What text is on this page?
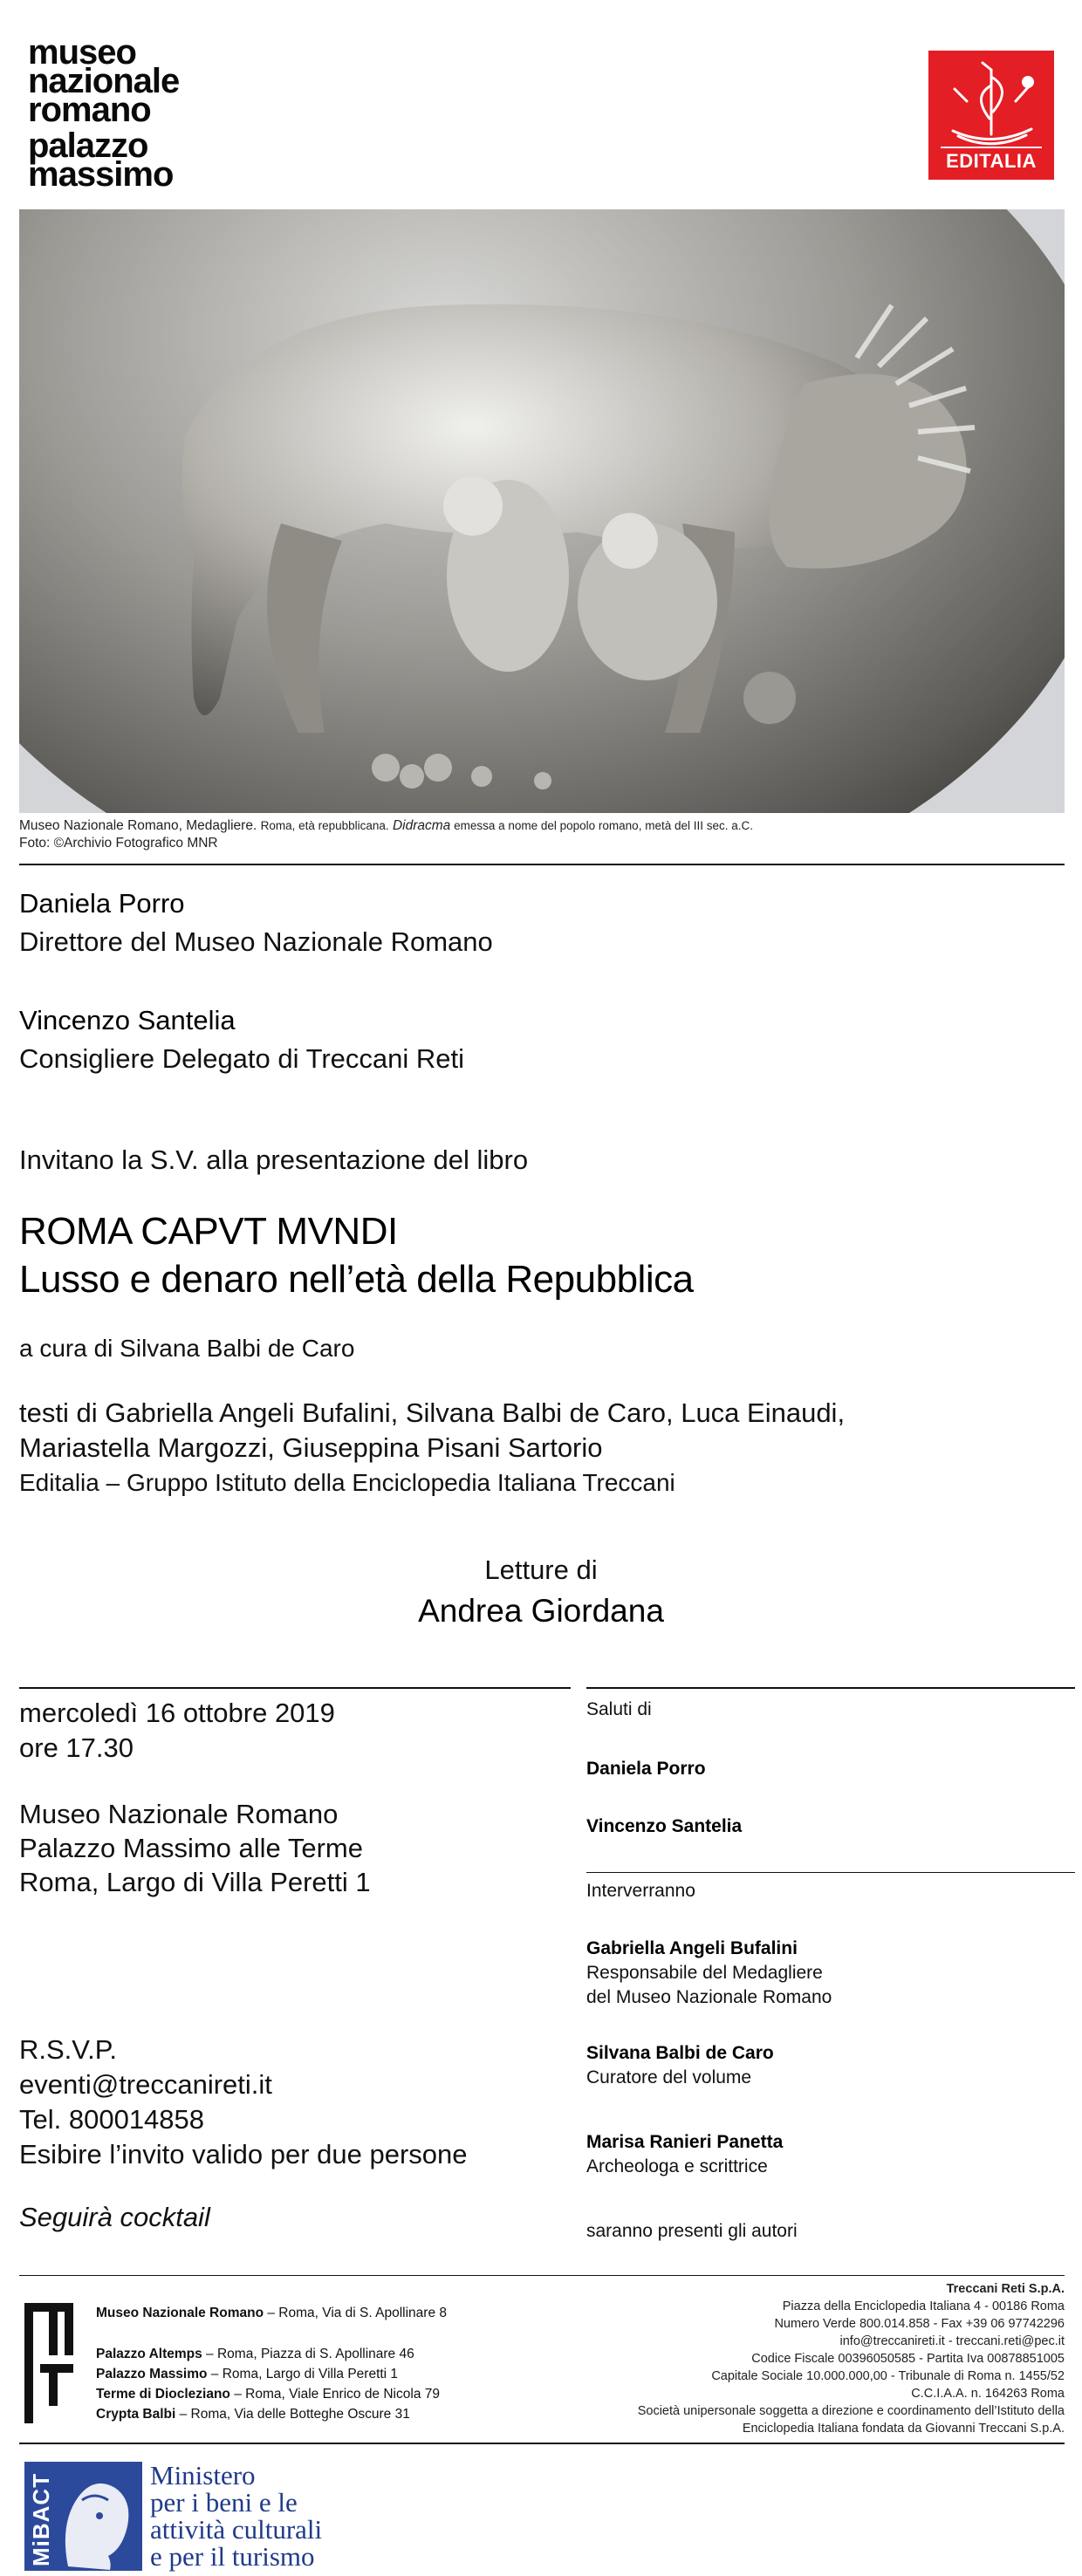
museo
nazionale
romano
palazzo
massimo	EDITALIA
Museo Nazionale Romano, Medagliere. Roma, età repubblicana. Didracma emessa a nome del popolo romano, metà del III sec. a.C.
Foto: ©Archivio Fotografico MNR
Daniela Porro
Direttore del Museo Nazionale Romano
Vincenzo Santelia
Consigliere Delegato di Treccani Reti
Invitano la S.V. alla presentazione del libro
ROMA CAPVT MVNDI
Lusso e denaro nell’età della Repubblica
a cura di Silvana Balbi de Caro
testi di Gabriella Angeli Bufalini, Silvana Balbi de Caro, Luca Einaudi,
Mariastella Margozzi, Giuseppina Pisani Sartorio
Editalia – Gruppo Istituto della Enciclopedia Italiana Treccani
Letture di
Andrea Giordana
mercoledì 16 ottobre 2019
ore 17.30
Museo Nazionale Romano
Palazzo Massimo alle Terme
Roma, Largo di Villa Peretti 1
R.S.V.P.
eventi@treccanireti.it
Tel. 800014858
Esibire l’invito valido per due persone
Seguirà cocktail
Saluti di
Daniela Porro
Vincenzo Santelia
Interverranno
Gabriella Angeli Bufalini
Responsabile del Medagliere
del Museo Nazionale Romano
Silvana Balbi de Caro
Curatore del volume
Marisa Ranieri Panetta
Archeologa e scrittrice
saranno presenti gli autori
Museo Nazionale Romano – Roma, Via di S. Apollinare 8
Palazzo Altemps – Roma, Piazza di S. Apollinare 46
Palazzo Massimo – Roma, Largo di Villa Peretti 1
Terme di Diocleziano – Roma, Viale Enrico de Nicola 79
Crypta Balbi – Roma, Via delle Botteghe Oscure 31
Treccani Reti S.p.A.
Piazza della Enciclopedia Italiana 4 - 00186 Roma
Numero Verde 800.014.858 - Fax +39 06 97742296
info@treccanireti.it - treccani.reti@pec.it
Codice Fiscale 00396050585 - Partita Iva 00878851005
Capitale Sociale 10.000.000,00 - Tribunale di Roma n. 1455/52
C.C.I.A.A. n. 164263 Roma
Società unipersonale soggetta a direzione e coordinamento dell’Istituto della
Enciclopedia Italiana fondata da Giovanni Treccani S.p.A.
MiBACT	Ministero
per i beni e le
attività culturali
e per il turismo
